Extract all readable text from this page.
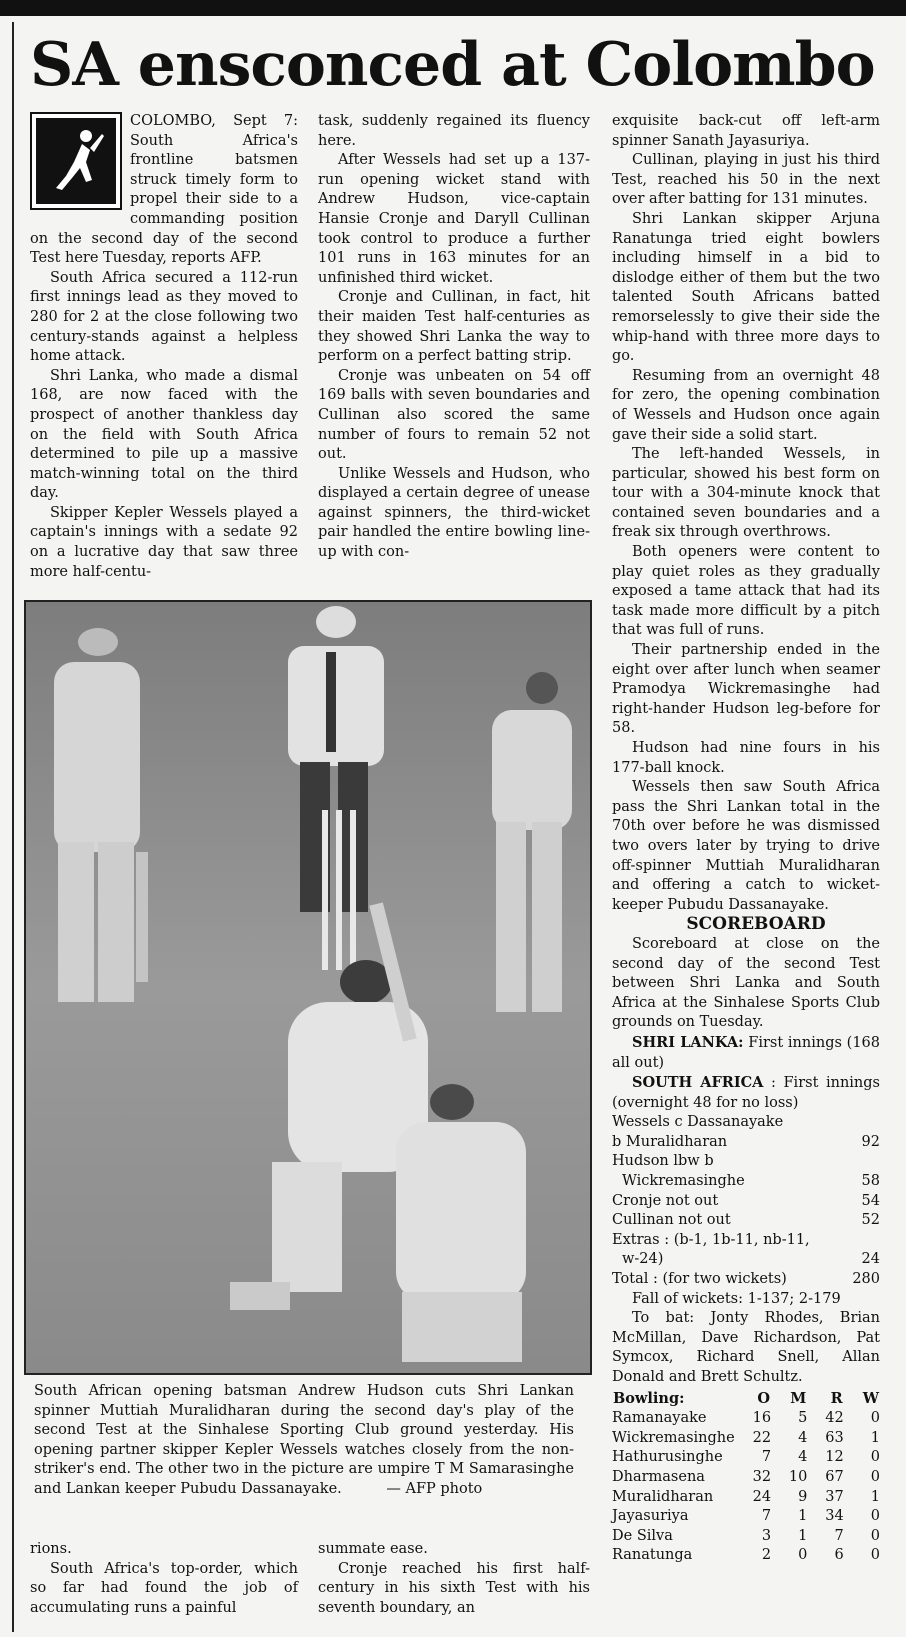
SA ensconced at Colombo

COLOMBO, Sept 7: South Africa's frontline batsmen struck timely form to propel their side to a commanding position on the second day of the second Test here Tuesday, reports AFP.

South Africa secured a 112-run first innings lead as they moved to 280 for 2 at the close following two century-stands against a helpless home attack.

Shri Lanka, who made a dismal 168, are now faced with the prospect of another thankless day on the field with South Africa determined to pile up a massive match-winning total on the third day.

Skipper Kepler Wessels played a captain's innings with a sedate 92 on a lucrative day that saw three more half-centu-

task, suddenly regained its fluency here.

After Wessels had set up a 137-run opening wicket stand with Andrew Hudson, vice-captain Hansie Cronje and Daryll Cullinan took control to produce a further 101 runs in 163 minutes for an unfinished third wicket.

Cronje and Cullinan, in fact, hit their maiden Test half-centuries as they showed Shri Lanka the way to perform on a perfect batting strip.

Cronje was unbeaten on 54 off 169 balls with seven boundaries and Cullinan also scored the same number of fours to remain 52 not out.

Unlike Wessels and Hudson, who displayed a certain degree of unease against spinners, the third-wicket pair handled the entire bowling line-up with con-

exquisite back-cut off left-arm spinner Sanath Jayasuriya.

Cullinan, playing in just his third Test, reached his 50 in the next over after batting for 131 minutes.

Shri Lankan skipper Arjuna Ranatunga tried eight bowlers including himself in a bid to dislodge either of them but the two talented South Africans batted remorselessly to give their side the whip-hand with three more days to go.

Resuming from an overnight 48 for zero, the opening combination of Wessels and Hudson once again gave their side a solid start.

The left-handed Wessels, in particular, showed his best form on tour with a 304-minute knock that contained seven boundaries and a freak six through overthrows.

Both openers were content to play quiet roles as they gradually exposed a tame attack that had its task made more difficult by a pitch that was full of runs.

Their partnership ended in the eight over after lunch when seamer Pramodya Wickremasinghe had right-hander Hudson leg-before for 58.

Hudson had nine fours in his 177-ball knock.

Wessels then saw South Africa pass the Shri Lankan total in the 70th over before he was dismissed two overs later by trying to drive off-spinner Muttiah Muralidharan and offering a catch to wicket-keeper Pubudu Dassanayake.

SCOREBOARD

Scoreboard at close on the second day of the second Test between Shri Lanka and South Africa at the Sinhalese Sports Club grounds on Tuesday.

SHRI LANKA: First innings (168 all out)

SOUTH AFRICA : First innings (overnight 48 for no loss)

Wessels c Dassanayake
b Muralidharan	92
Hudson lbw b
Wickremasinghe	58
Cronje not out	54
Cullinan not out	52
Extras : (b-1, 1b-11, nb-11,
w-24)	24
Total : (for two wickets)	280

Fall of wickets: 1-137; 2-179

To bat: Jonty Rhodes, Brian McMillan, Dave Richardson, Pat Symcox, Richard Snell, Allan Donald and Brett Schultz.

Bowling:	O	M	R	W
Ramanayake	16	5	42	0
Wickremasinghe	22	4	63	1
Hathurusinghe	7	4	12	0
Dharmasena	32	10	67	0
Muralidharan	24	9	37	1
Jayasuriya	7	1	34	0
De Silva	3	1	7	0
Ranatunga	2	0	6	0
South African opening batsman Andrew Hudson cuts Shri Lankan spinner Muttiah Muralidharan during the second day's play of the second Test at the Sinhalese Sporting Club ground yesterday. His opening partner skipper Kepler Wessels watches closely from the non-striker's end. The other two in the picture are umpire T M Samarasinghe and Lankan keeper Pubudu Dassanayake.	— AFP photo

rions.

South Africa's top-order, which so far had found the job of accumulating runs a painful

summate ease.

Cronje reached his first half-century in his sixth Test with his seventh boundary, an
